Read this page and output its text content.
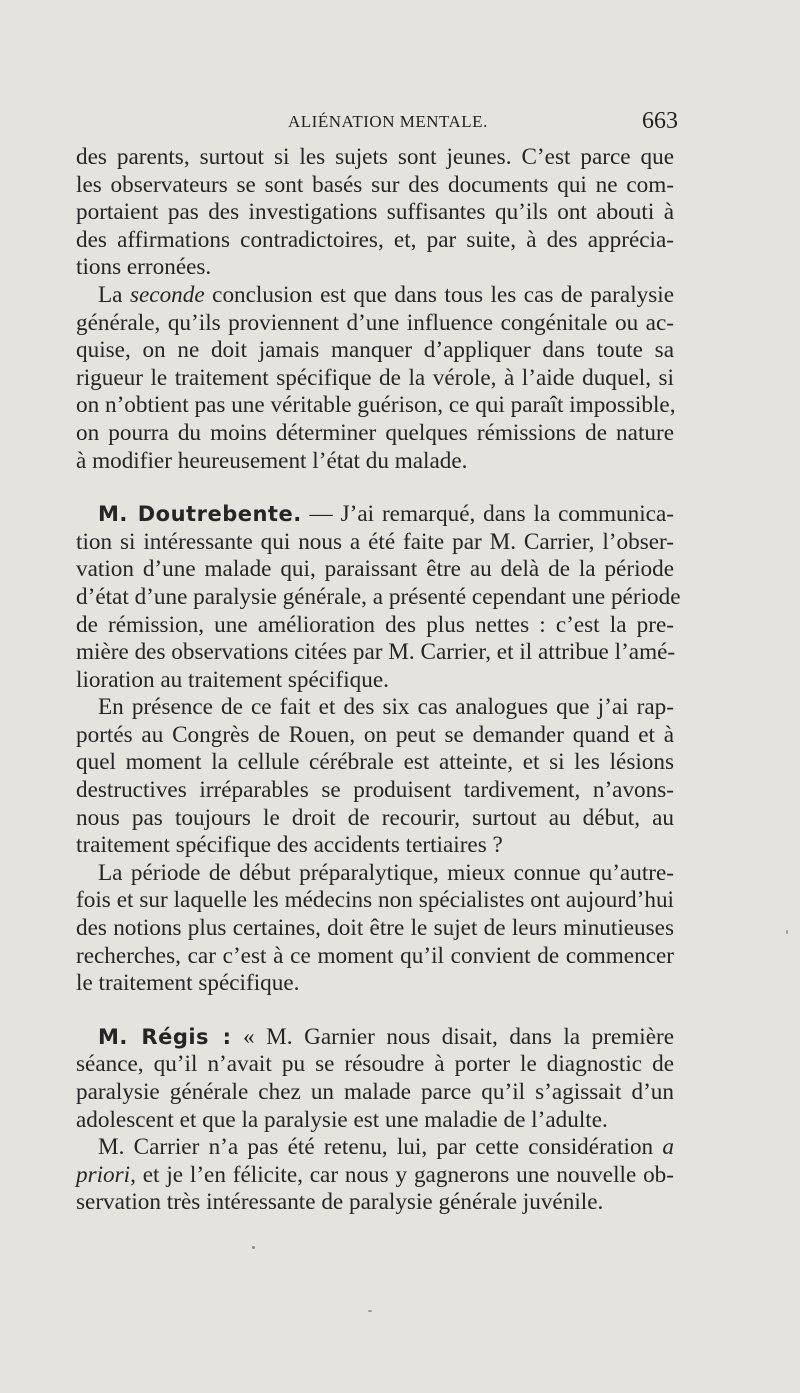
ALIÉNATION MENTALE.	663

des parents, surtout si les sujets sont jeunes. C’est parce que
les observateurs se sont basés sur des documents qui ne com-
portaient pas des investigations suffisantes qu’ils ont abouti à
des affirmations contradictoires, et, par suite, à des apprécia-
tions erronées.

La seconde conclusion est que dans tous les cas de paralysie
générale, qu’ils proviennent d’une influence congénitale ou ac-
quise, on ne doit jamais manquer d’appliquer dans toute sa
rigueur le traitement spécifique de la vérole, à l’aide duquel, si
on n’obtient pas une véritable guérison, ce qui paraît impossible,
on pourra du moins déterminer quelques rémissions de nature
à modifier heureusement l’état du malade.

M. Doutrebente. — J’ai remarqué, dans la communica-
tion si intéressante qui nous a été faite par M. Carrier, l’obser-
vation d’une malade qui, paraissant être au delà de la période
d’état d’une paralysie générale, a présenté cependant une période
de rémission, une amélioration des plus nettes : c’est la pre-
mière des observations citées par M. Carrier, et il attribue l’amé-
lioration au traitement spécifique.

En présence de ce fait et des six cas analogues que j’ai rap-
portés au Congrès de Rouen, on peut se demander quand et à
quel moment la cellule cérébrale est atteinte, et si les lésions
destructives irréparables se produisent tardivement, n’avons-
nous pas toujours le droit de recourir, surtout au début, au
traitement spécifique des accidents tertiaires ?

La période de début préparalytique, mieux connue qu’autre-
fois et sur laquelle les médecins non spécialistes ont aujourd’hui
des notions plus certaines, doit être le sujet de leurs minutieuses
recherches, car c’est à ce moment qu’il convient de commencer
le traitement spécifique.

M. Régis : « M. Garnier nous disait, dans la première
séance, qu’il n’avait pu se résoudre à porter le diagnostic de
paralysie générale chez un malade parce qu’il s’agissait d’un
adolescent et que la paralysie est une maladie de l’adulte.

M. Carrier n’a pas été retenu, lui, par cette considération a
priori, et je l’en félicite, car nous y gagnerons une nouvelle ob-
servation très intéressante de paralysie générale juvénile.
